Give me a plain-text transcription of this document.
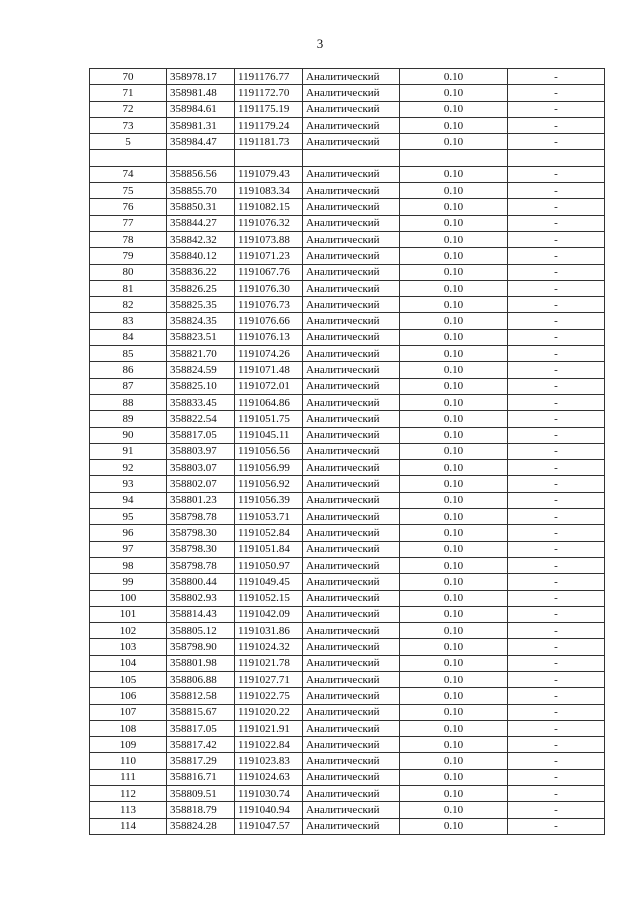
3
70	358978.17	1191176.77	Аналитический	0.10	-
71	358981.48	1191172.70	Аналитический	0.10	-
72	358984.61	1191175.19	Аналитический	0.10	-
73	358981.31	1191179.24	Аналитический	0.10	-
5	358984.47	1191181.73	Аналитический	0.10	-

74	358856.56	1191079.43	Аналитический	0.10	-
75	358855.70	1191083.34	Аналитический	0.10	-
76	358850.31	1191082.15	Аналитический	0.10	-
77	358844.27	1191076.32	Аналитический	0.10	-
78	358842.32	1191073.88	Аналитический	0.10	-
79	358840.12	1191071.23	Аналитический	0.10	-
80	358836.22	1191067.76	Аналитический	0.10	-
81	358826.25	1191076.30	Аналитический	0.10	-
82	358825.35	1191076.73	Аналитический	0.10	-
83	358824.35	1191076.66	Аналитический	0.10	-
84	358823.51	1191076.13	Аналитический	0.10	-
85	358821.70	1191074.26	Аналитический	0.10	-
86	358824.59	1191071.48	Аналитический	0.10	-
87	358825.10	1191072.01	Аналитический	0.10	-
88	358833.45	1191064.86	Аналитический	0.10	-
89	358822.54	1191051.75	Аналитический	0.10	-
90	358817.05	1191045.11	Аналитический	0.10	-
91	358803.97	1191056.56	Аналитический	0.10	-
92	358803.07	1191056.99	Аналитический	0.10	-
93	358802.07	1191056.92	Аналитический	0.10	-
94	358801.23	1191056.39	Аналитический	0.10	-
95	358798.78	1191053.71	Аналитический	0.10	-
96	358798.30	1191052.84	Аналитический	0.10	-
97	358798.30	1191051.84	Аналитический	0.10	-
98	358798.78	1191050.97	Аналитический	0.10	-
99	358800.44	1191049.45	Аналитический	0.10	-
100	358802.93	1191052.15	Аналитический	0.10	-
101	358814.43	1191042.09	Аналитический	0.10	-
102	358805.12	1191031.86	Аналитический	0.10	-
103	358798.90	1191024.32	Аналитический	0.10	-
104	358801.98	1191021.78	Аналитический	0.10	-
105	358806.88	1191027.71	Аналитический	0.10	-
106	358812.58	1191022.75	Аналитический	0.10	-
107	358815.67	1191020.22	Аналитический	0.10	-
108	358817.05	1191021.91	Аналитический	0.10	-
109	358817.42	1191022.84	Аналитический	0.10	-
110	358817.29	1191023.83	Аналитический	0.10	-
111	358816.71	1191024.63	Аналитический	0.10	-
112	358809.51	1191030.74	Аналитический	0.10	-
113	358818.79	1191040.94	Аналитический	0.10	-
114	358824.28	1191047.57	Аналитический	0.10	-
